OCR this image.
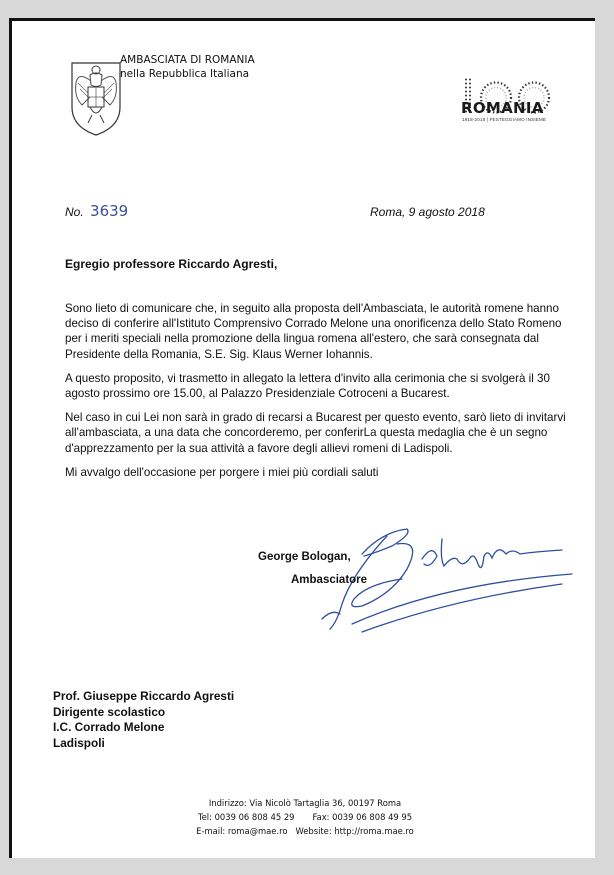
AMBASCIATA DI ROMANIA
nella Repubblica Italiana
ROMANIA
1918-2018 | FESTEGGIAMO INSIEME
No. 3639	Roma, 9 agosto 2018
Egregio professore Riccardo Agresti,

Sono lieto di comunicare che, in seguito alla proposta dell'Ambasciata, le autorità romene hanno deciso di conferire all'Istituto Comprensivo Corrado Melone una onorificenza dello Stato Romeno per i meriti speciali nella promozione della lingua romena all'estero, che sarà consegnata dal Presidente della Romania, S.E. Sig. Klaus Werner Iohannis.

A questo proposito, vi trasmetto in allegato la lettera d'invito alla cerimonia che si svolgerà il 30 agosto prossimo ore 15.00, al Palazzo Presidenziale Cotroceni a Bucarest.

Nel caso in cui Lei non sarà in grado di recarsi a Bucarest per questo evento, sarò lieto di invitarvi all'ambasciata, a una data che concorderemo, per conferirLa questa medaglia che è un segno d'apprezzamento per la sua attività a favore degli allievi romeni di Ladispoli.

Mi avvalgo dell'occasione per porgere i miei più cordiali saluti

George Bologan,
Ambasciatore
Prof. Giuseppe Riccardo Agresti
Dirigente scolastico
I.C. Corrado Melone
Ladispoli
Indirizzo: Via Nicolò Tartaglia 36, 00197 Roma
Tel: 0039 06 808 45 29 Fax: 0039 06 808 49 95
E-mail: roma@mae.ro Website: http://roma.mae.ro
